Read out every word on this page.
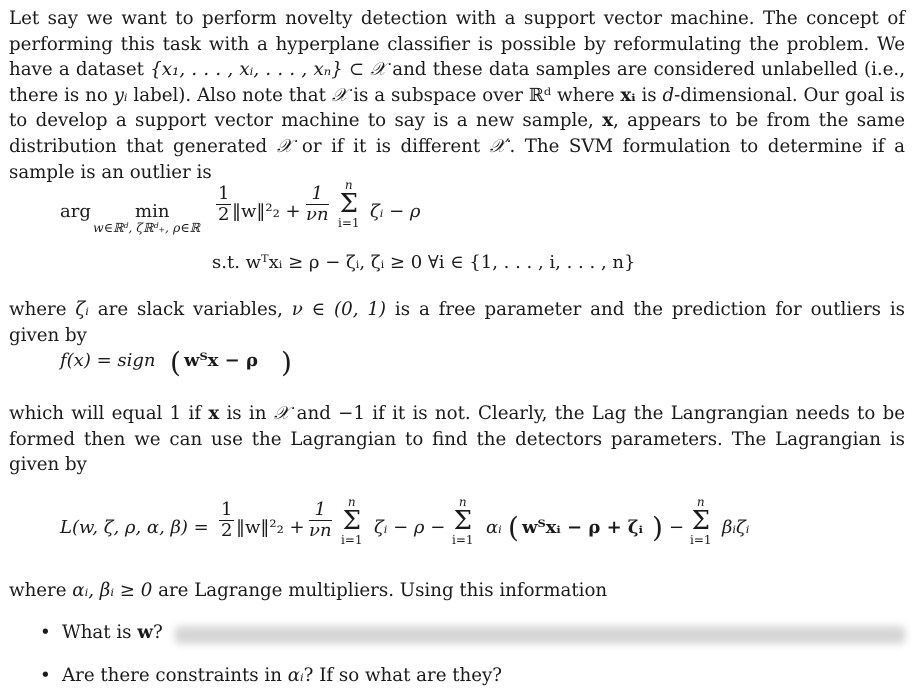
Let say we want to perform novelty detection with a support vector machine. The concept of performing this task with a hyperplane classifier is possible by reformulating the problem. We have a dataset {x₁, . . . , xᵢ, . . . , xₙ} ⊂ 𝒳 and these data samples are considered unlabelled (i.e., there is no yᵢ label). Also note that 𝒳 is a subspace over ℝᵈ where xᵢ is d-dimensional. Our goal is to develop a support vector machine to say is a new sample, x, appears to be from the same distribution that generated 𝒳 or if it is different 𝒳′. The SVM formulation to determine if a sample is an outlier is

arg min
w∈ℝᵈ, ζℝᵈ₊, ρ∈ℝ
$\frac{1}{2}$ ‖w‖²₂ + $\frac{1}{\nu n}$	n
Σ
i=1
ζᵢ − ρ
s.t. wᵀxᵢ ≥ ρ − ζᵢ, ζᵢ ≥ 0 ∀i ∈ {1, . . . , i, . . . , n}

where ζᵢ are slack variables, ν ∈ (0, 1) is a free parameter and the prediction for outliers is given by

f(x) = sign ( wᵀx − ρ )

which will equal 1 if x is in 𝒳 and −1 if it is not. Clearly, the Lag the Langrangian needs to be formed then we can use the Lagrangian to find the detectors parameters. The Lagrangian is given by

L(w, ζ, ρ, α, $\beta) = \frac{1}{2}$ ‖w‖²₂ + $\frac{1}{\nu n}$	n
Σ
i=1
ζᵢ − ρ −
n
Σ
i=1
αᵢ ( wᵀxᵢ − ρ + ζᵢ ) −
n
Σ
i=1
βᵢζᵢ

where αᵢ, βᵢ ≥ 0 are Lagrange multipliers. Using this information

• What is w?
• Are there constraints in αᵢ? If so what are they?
